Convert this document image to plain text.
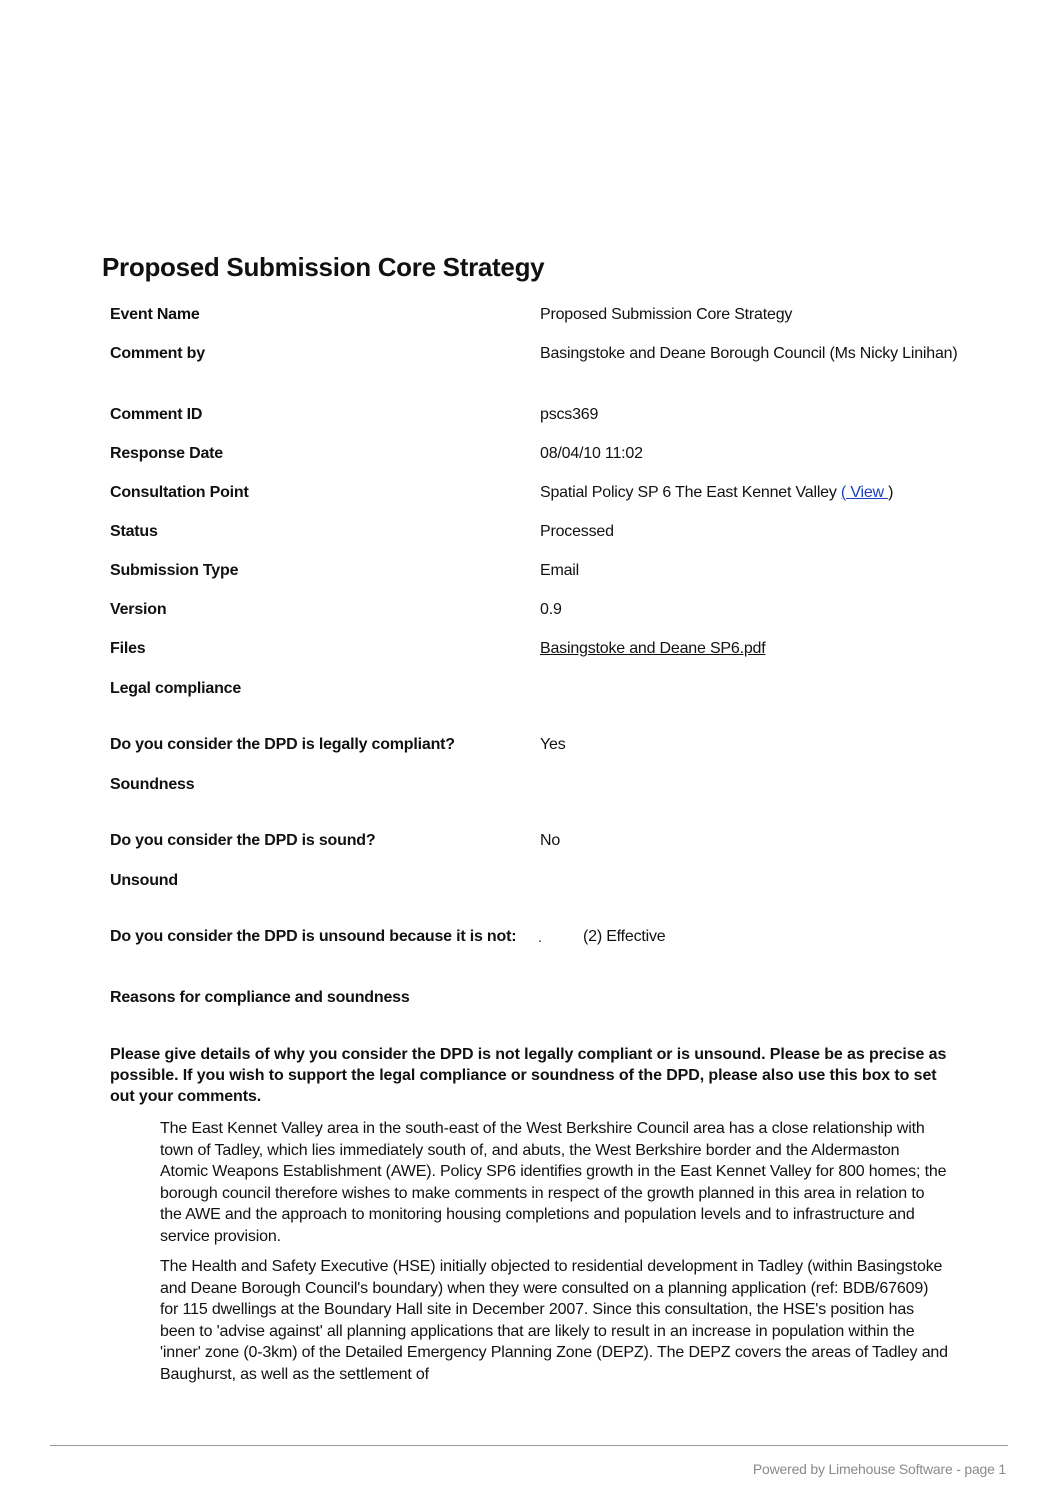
Proposed Submission Core Strategy
Event Name	Proposed Submission Core Strategy
Comment by	Basingstoke and Deane Borough Council (Ms Nicky Linihan)
Comment ID	pscs369
Response Date	08/04/10 11:02
Consultation Point	Spatial Policy SP 6 The East Kennet Valley ( View )
Status	Processed
Submission Type	Email
Version	0.9
Files	Basingstoke and Deane SP6.pdf
Legal compliance
Do you consider the DPD is legally compliant?	Yes
Soundness
Do you consider the DPD is sound?	No
Unsound
Do you consider the DPD is unsound because it is not: .	(2) Effective
Reasons for compliance and soundness

Please give details of why you consider the DPD is not legally compliant or is unsound. Please be as precise as possible. If you wish to support the legal compliance or soundness of the DPD, please also use this box to set out your comments.

The East Kennet Valley area in the south-east of the West Berkshire Council area has a close relationship with town of Tadley, which lies immediately south of, and abuts, the West Berkshire border and the Aldermaston Atomic Weapons Establishment (AWE). Policy SP6 identifies growth in the East Kennet Valley for 800 homes; the borough council therefore wishes to make comments in respect of the growth planned in this area in relation to the AWE and the approach to monitoring housing completions and population levels and to infrastructure and service provision.

The Health and Safety Executive (HSE) initially objected to residential development in Tadley (within Basingstoke and Deane Borough Council's boundary) when they were consulted on a planning application (ref: BDB/67609) for 115 dwellings at the Boundary Hall site in December 2007. Since this consultation, the HSE's position has been to 'advise against' all planning applications that are likely to result in an increase in population within the 'inner' zone (0-3km) of the Detailed Emergency Planning Zone (DEPZ). The DEPZ covers the areas of Tadley and Baughurst, as well as the settlement of

Powered by Limehouse Software - page 1
